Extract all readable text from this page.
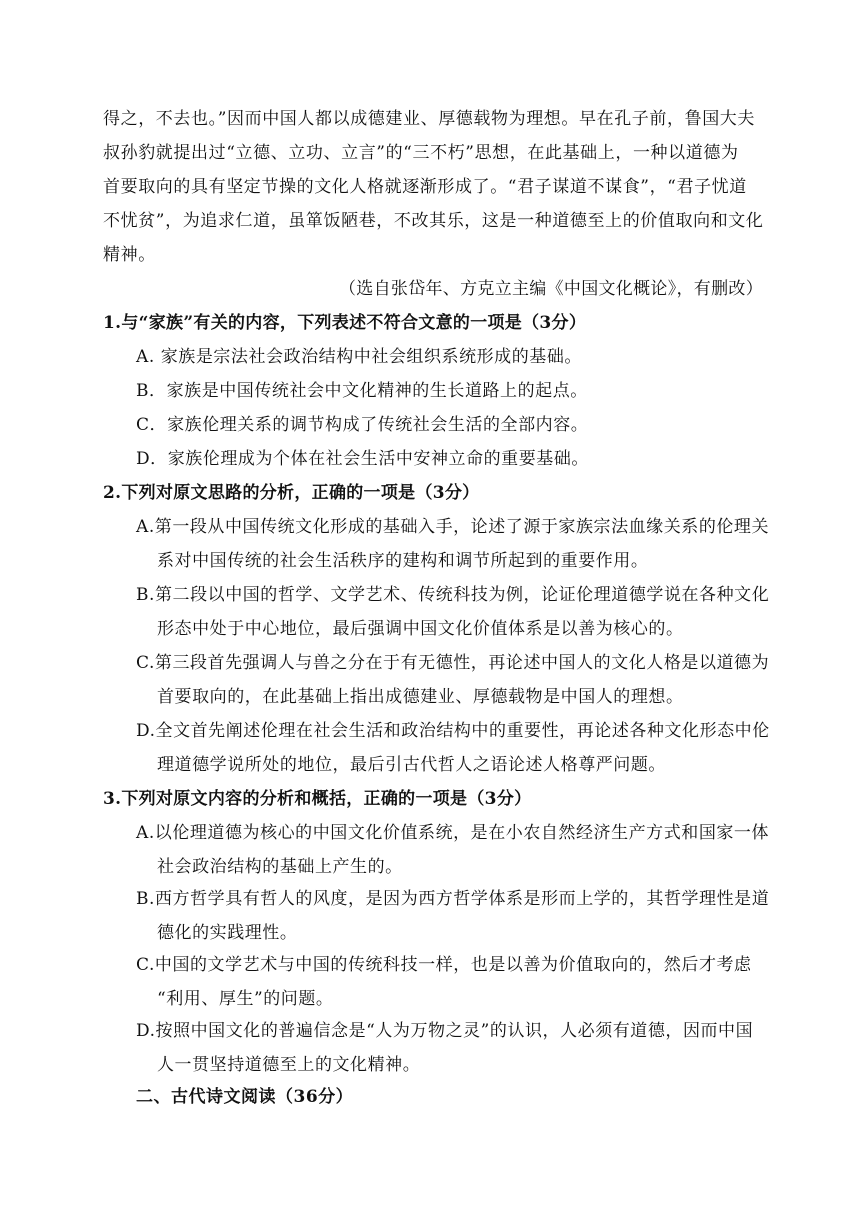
得之，不去也。”因而中国人都以成德建业、厚德载物为理想。早在孔子前，鲁国大夫
叔孙豹就提出过“立德、立功、立言”的“三不朽”思想，在此基础上，一种以道德为
首要取向的具有坚定节操的文化人格就逐渐形成了。“君子谋道不谋食”，“君子忧道
不忧贫”，为追求仁道，虽箪饭陋巷，不改其乐，这是一种道德至上的价值取向和文化
精神。
（选自张岱年、方克立主编《中国文化概论》，有删改）
1.与“家族”有关的内容，下列表述不符合文意的一项是（3分）
A. 家族是宗法社会政治结构中社会组织系统形成的基础。
B．家族是中国传统社会中文化精神的生长道路上的起点。
C．家族伦理关系的调节构成了传统社会生活的全部内容。
D．家族伦理成为个体在社会生活中安神立命的重要基础。
2.下列对原文思路的分析，正确的一项是（3分）
A.第一段从中国传统文化形成的基础入手，论述了源于家族宗法血缘关系的伦理关
系对中国传统的社会生活秩序的建构和调节所起到的重要作用。
B.第二段以中国的哲学、文学艺术、传统科技为例，论证伦理道德学说在各种文化
形态中处于中心地位，最后强调中国文化价值体系是以善为核心的。
C.第三段首先强调人与兽之分在于有无德性，再论述中国人的文化人格是以道德为
首要取向的，在此基础上指出成德建业、厚德载物是中国人的理想。
D.全文首先阐述伦理在社会生活和政治结构中的重要性，再论述各种文化形态中伦
理道德学说所处的地位，最后引古代哲人之语论述人格尊严问题。
3.下列对原文内容的分析和概括，正确的一项是（3分）
A.以伦理道德为核心的中国文化价值系统，是在小农自然经济生产方式和国家一体
社会政治结构的基础上产生的。
B.西方哲学具有哲人的风度，是因为西方哲学体系是形而上学的，其哲学理性是道
德化的实践理性。
C.中国的文学艺术与中国的传统科技一样，也是以善为价值取向的，然后才考虑
“利用、厚生”的问题。
D.按照中国文化的普遍信念是“人为万物之灵”的认识，人必须有道德，因而中国
人一贯坚持道德至上的文化精神。
二、古代诗文阅读（36分）
